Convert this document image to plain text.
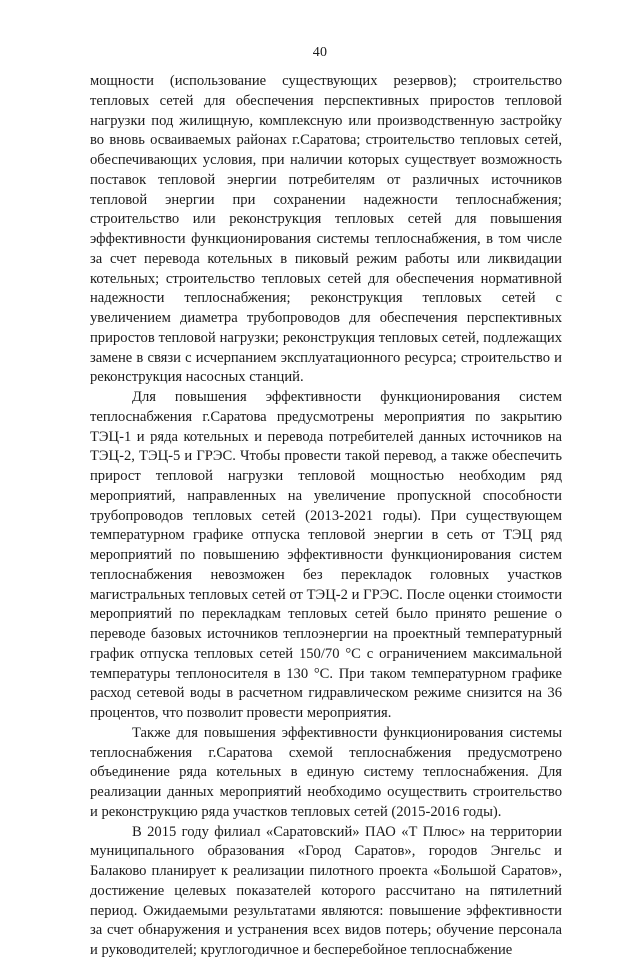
40

мощности (использование существующих резервов); строительство тепловых сетей для обеспечения перспективных приростов тепловой нагрузки под жилищную, комплексную или производственную застройку во вновь осваиваемых районах г.Саратова; строительство тепловых сетей, обеспечивающих условия, при наличии которых существует возможность поставок тепловой энергии потребителям от различных источников тепловой энергии при сохранении надежности теплоснабжения; строительство или реконструкция тепловых сетей для повышения эффективности функционирования системы теплоснабжения, в том числе за счет перевода котельных в пиковый режим работы или ликвидации котельных; строительство тепловых сетей для обеспечения нормативной надежности теплоснабжения; реконструкция тепловых сетей с увеличением диаметра трубопроводов для обеспечения перспективных приростов тепловой нагрузки; реконструкция тепловых сетей, подлежащих замене в связи с исчерпанием эксплуатационного ресурса; строительство и реконструкция насосных станций.

Для повышения эффективности функционирования систем теплоснабжения г.Саратова предусмотрены мероприятия по закрытию ТЭЦ-1 и ряда котельных и перевода потребителей данных источников на ТЭЦ-2, ТЭЦ-5 и ГРЭС. Чтобы провести такой перевод, а также обеспечить прирост тепловой нагрузки тепловой мощностью необходим ряд мероприятий, направленных на увеличение пропускной способности трубопроводов тепловых сетей (2013-2021 годы). При существующем температурном графике отпуска тепловой энергии в сеть от ТЭЦ ряд мероприятий по повышению эффективности функционирования систем теплоснабжения невозможен без перекладок головных участков магистральных тепловых сетей от ТЭЦ-2 и ГРЭС. После оценки стоимости мероприятий по перекладкам тепловых сетей было принято решение о переводе базовых источников теплоэнергии на проектный температурный график отпуска тепловых сетей 150/70 °С с ограничением максимальной температуры теплоносителя в 130 °С. При таком температурном графике расход сетевой воды в расчетном гидравлическом режиме снизится на 36 процентов, что позволит провести мероприятия.

Также для повышения эффективности функционирования системы теплоснабжения г.Саратова схемой теплоснабжения предусмотрено объединение ряда котельных в единую систему теплоснабжения. Для реализации данных мероприятий необходимо осуществить строительство и реконструкцию ряда участков тепловых сетей (2015-2016 годы).

В 2015 году филиал «Саратовский» ПАО «Т Плюс» на территории муниципального образования «Город Саратов», городов Энгельс и Балаково планирует к реализации пилотного проекта «Большой Саратов», достижение целевых показателей которого рассчитано на пятилетний период. Ожидаемыми результатами являются: повышение эффективности за счет обнаружения и устранения всех видов потерь; обучение персонала и руководителей; круглогодичное и бесперебойное теплоснабжение
